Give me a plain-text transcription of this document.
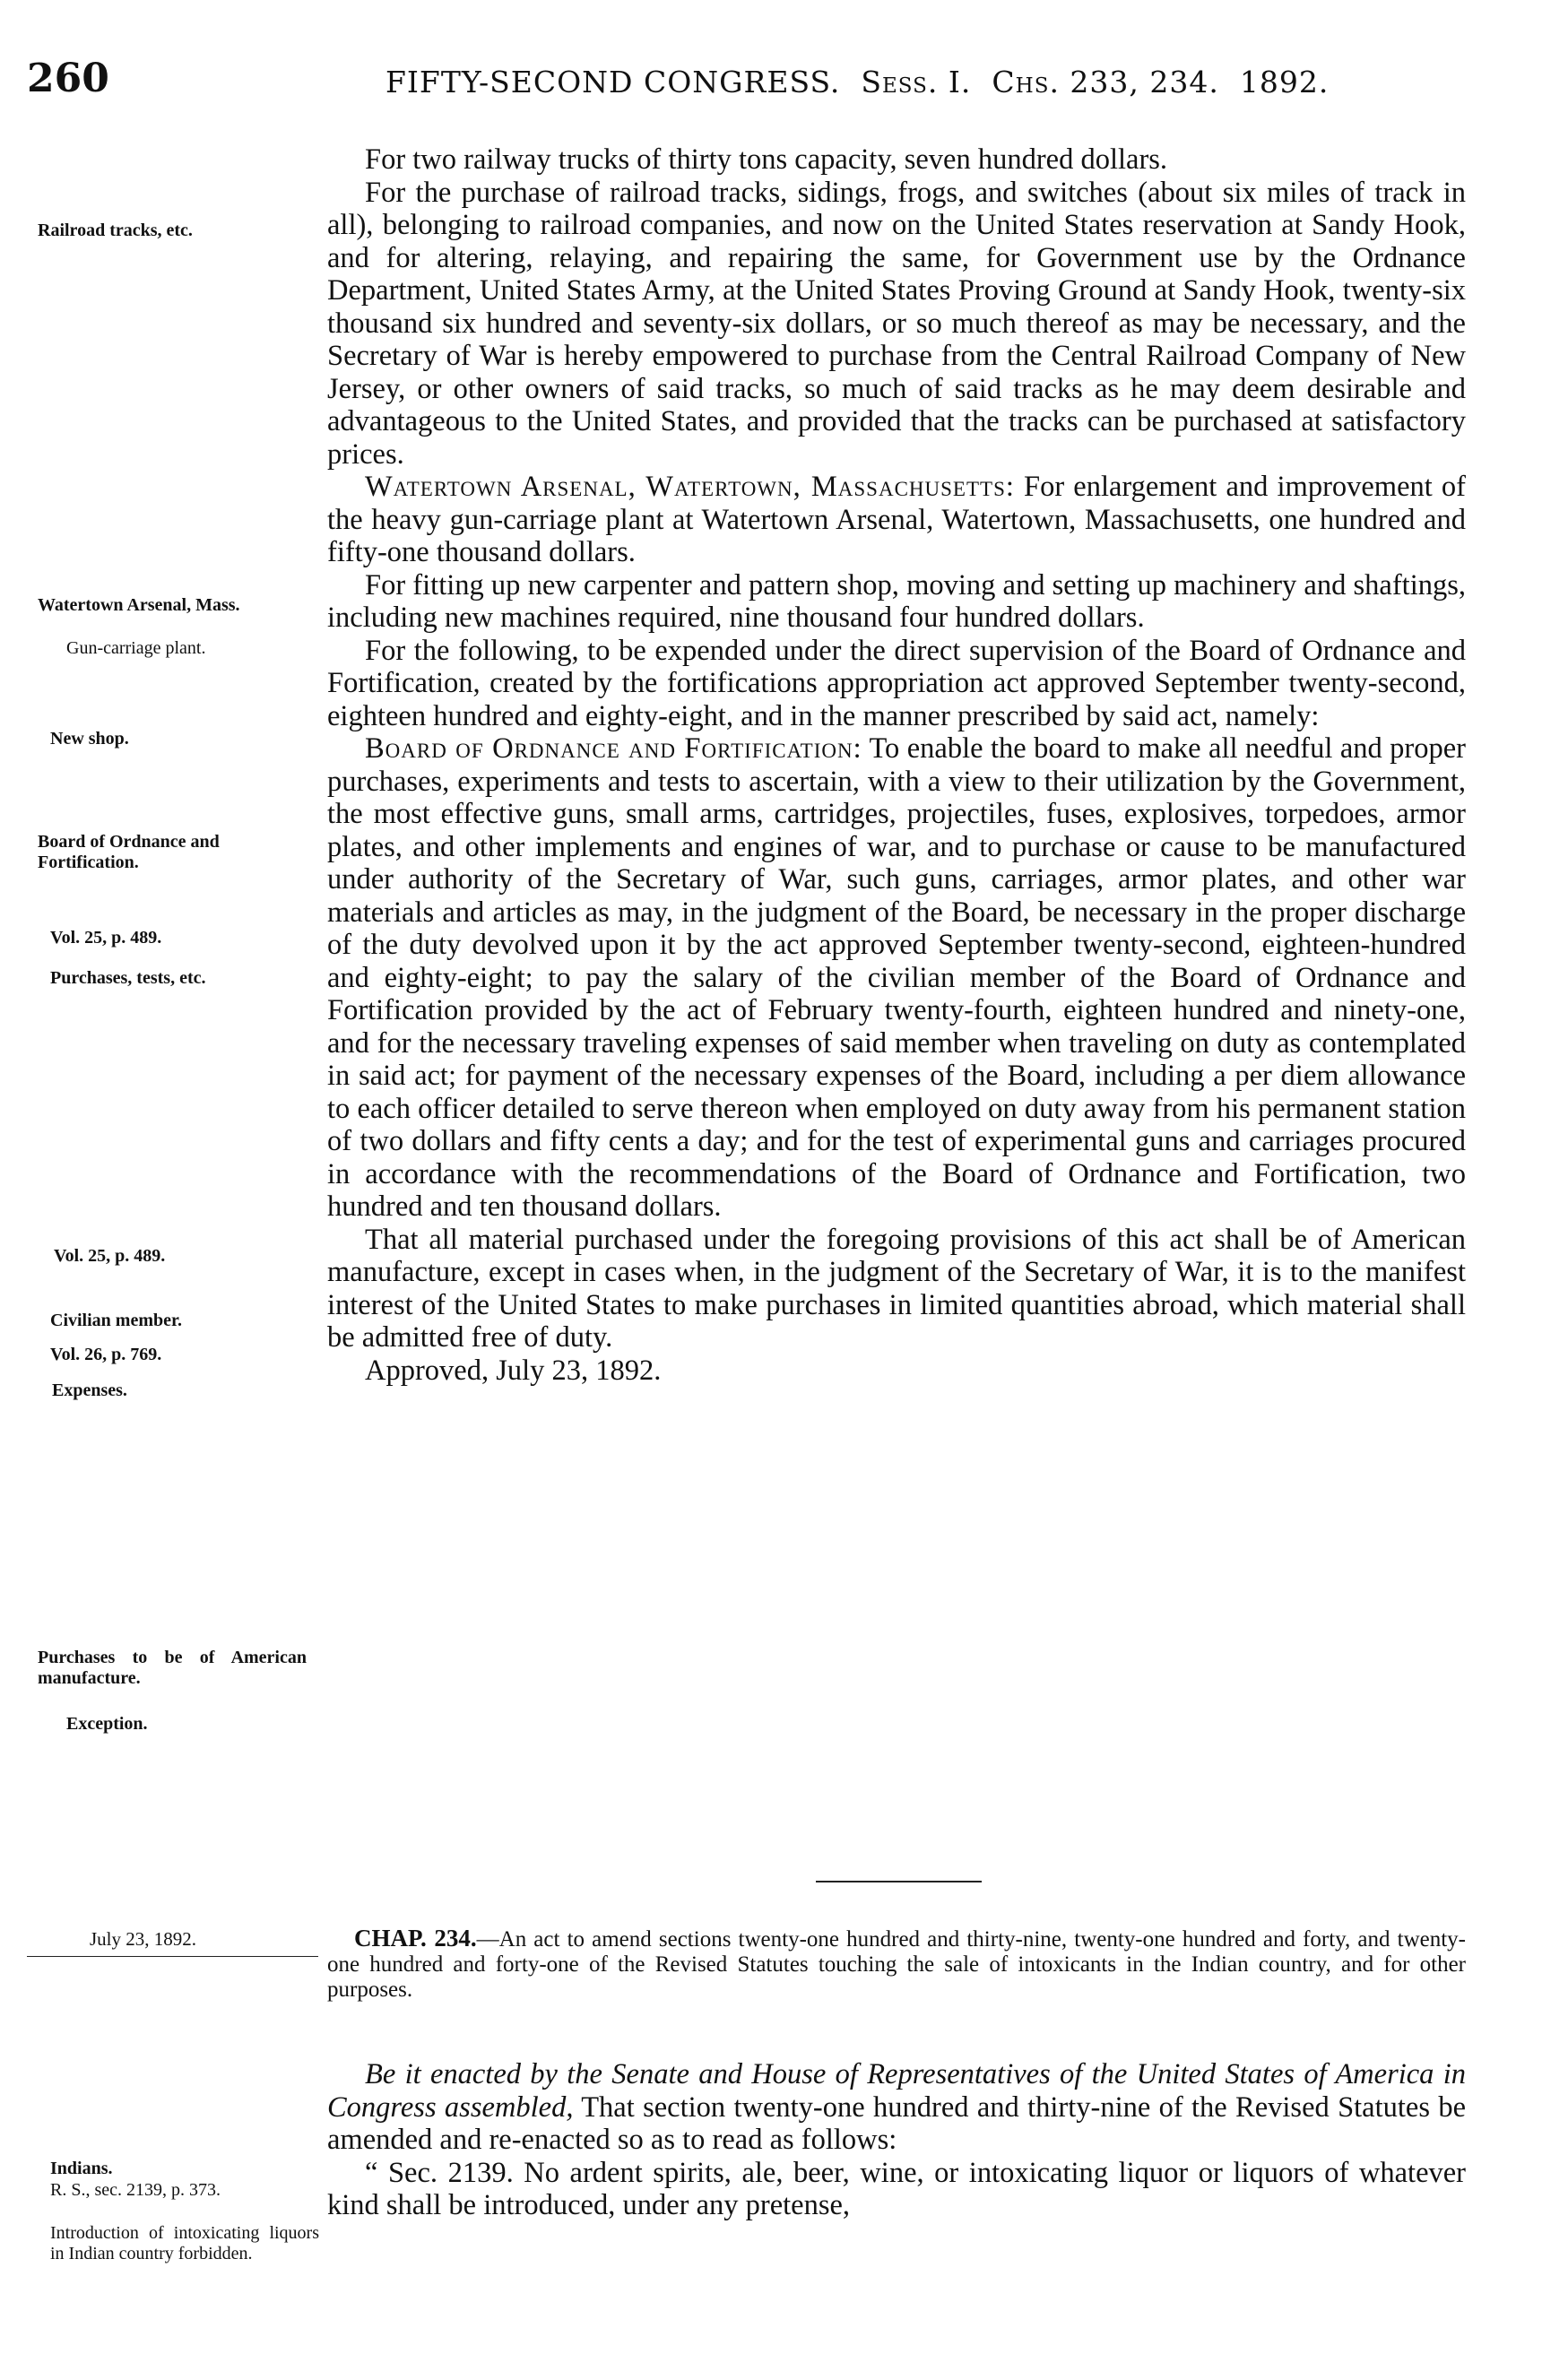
260	FIFTY-SECOND CONGRESS. Sess. I. Chs. 233, 234. 1892.
Railroad tracks, etc.
Watertown Arsenal, Mass.
Gun-carriage plant.
New shop.
Board of Ordnance and Fortification.
Vol. 25, p. 489.
Purchases, tests, etc.
Vol. 25, p. 489.
Civilian member.
Vol. 26, p. 769.
Expenses.
Purchases to be of American manufacture.
Exception.

For two railway trucks of thirty tons capacity, seven hundred dollars.

For the purchase of railroad tracks, sidings, frogs, and switches (about six miles of track in all), belonging to railroad companies, and now on the United States reservation at Sandy Hook, and for altering, relaying, and repairing the same, for Government use by the Ordnance Department, United States Army, at the United States Proving Ground at Sandy Hook, twenty-six thousand six hundred and seventy-six dollars, or so much thereof as may be necessary, and the Secretary of War is hereby empowered to purchase from the Central Railroad Company of New Jersey, or other owners of said tracks, so much of said tracks as he may deem desirable and advantageous to the United States, and provided that the tracks can be purchased at satisfactory prices.

Watertown Arsenal, Watertown, Massachusetts: For enlargement and improvement of the heavy gun-carriage plant at Watertown Arsenal, Watertown, Massachusetts, one hundred and fifty-one thousand dollars.

For fitting up new carpenter and pattern shop, moving and setting up machinery and shaftings, including new machines required, nine thousand four hundred dollars.

For the following, to be expended under the direct supervision of the Board of Ordnance and Fortification, created by the fortifications appropriation act approved September twenty-second, eighteen hundred and eighty-eight, and in the manner prescribed by said act, namely:

Board of Ordnance and Fortification: To enable the board to make all needful and proper purchases, experiments and tests to ascertain, with a view to their utilization by the Government, the most effective guns, small arms, cartridges, projectiles, fuses, explosives, torpedoes, armor plates, and other implements and engines of war, and to purchase or cause to be manufactured under authority of the Secretary of War, such guns, carriages, armor plates, and other war materials and articles as may, in the judgment of the Board, be necessary in the proper discharge of the duty devolved upon it by the act approved September twenty-second, eighteen-hundred and eighty-eight; to pay the salary of the civilian member of the Board of Ordnance and Fortification provided by the act of February twenty-fourth, eighteen hundred and ninety-one, and for the necessary traveling expenses of said member when traveling on duty as contemplated in said act; for payment of the necessary expenses of the Board, including a per diem allowance to each officer detailed to serve thereon when employed on duty away from his permanent station of two dollars and fifty cents a day; and for the test of experimental guns and carriages procured in accordance with the recommendations of the Board of Ordnance and Fortification, two hundred and ten thousand dollars.

That all material purchased under the foregoing provisions of this act shall be of American manufacture, except in cases when, in the judgment of the Secretary of War, it is to the manifest interest of the United States to make purchases in limited quantities abroad, which material shall be admitted free of duty.

Approved, July 23, 1892.

July 23, 1892.
Indians.
R. S., sec. 2139, p. 373.
Introduction of intoxicating liquors in Indian country forbidden.

CHAP. 234.—An act to amend sections twenty-one hundred and thirty-nine, twenty-one hundred and forty, and twenty-one hundred and forty-one of the Revised Statutes touching the sale of intoxicants in the Indian country, and for other purposes.

Be it enacted by the Senate and House of Representatives of the United States of America in Congress assembled, That section twenty-one hundred and thirty-nine of the Revised Statutes be amended and re-enacted so as to read as follows:

“ Sec. 2139. No ardent spirits, ale, beer, wine, or intoxicating liquor or liquors of whatever kind shall be introduced, under any pretense,
